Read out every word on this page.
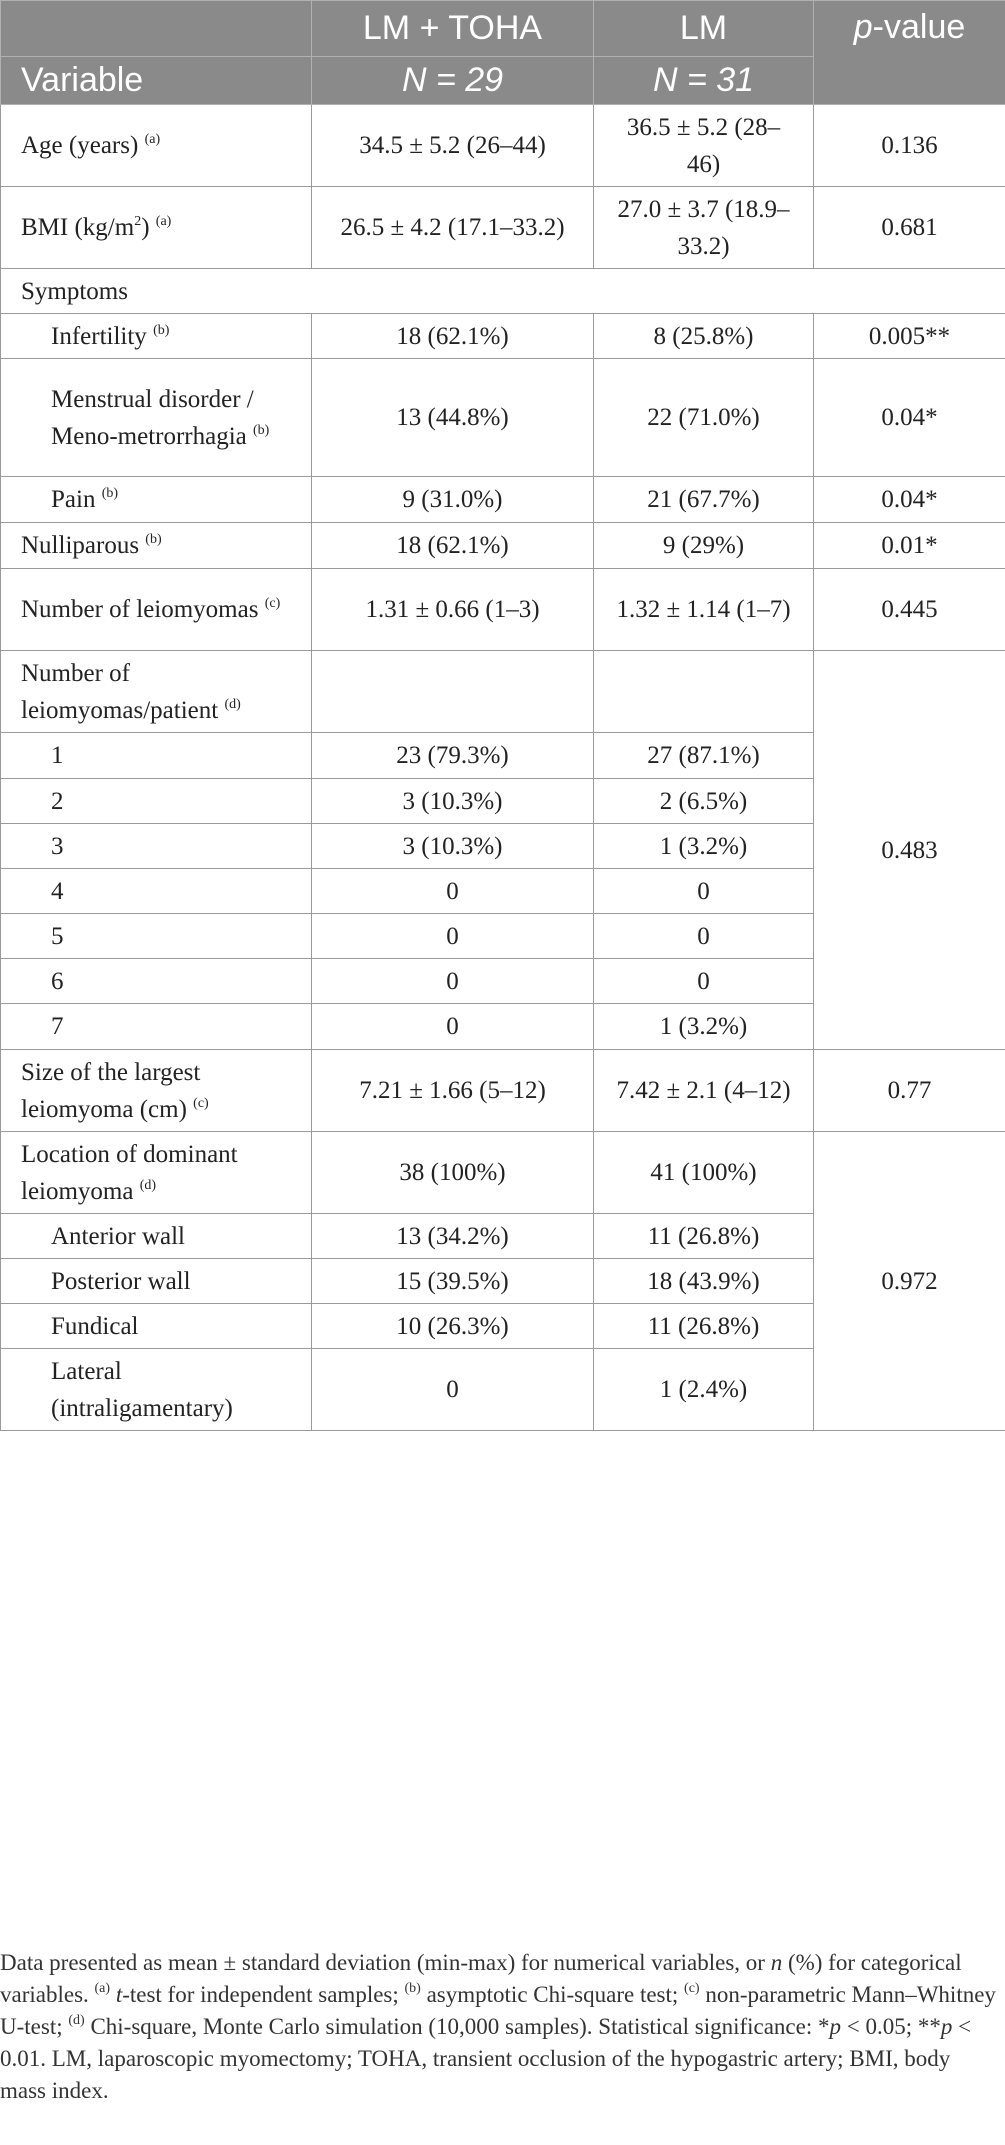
	LM + TOHA	LM	p-value
Variable	N = 29	N = 31	
Age (years) $^{(a)}$	34.5 ± 5.2 (26–44)	36.5 ± 5.2 (28–46)	0.136
BMI $(kg/m^2)$ $^{(a)}$	26.5 ± 4.2 (17.1–33.2)	27.0 ± 3.7 (18.9–33.2)	0.681
Symptoms			
Infertility $^{(b)}$	18 (62.1%)	8 (25.8%)	0.005**
Menstrual disorder / Meno-metrorrhagia $^{(b)}$	13 (44.8%)	22 (71.0%)	0.04*
Pain $^{(b)}$	9 (31.0%)	21 (67.7%)	0.04*
Nulliparous $^{(b)}$	18 (62.1%)	9 (29%)	0.01*
Number of leiomyomas $^{(c)}$	1.31 ± 0.66 (1–3)	1.32 ± 1.14 (1–7)	0.445
Number of leiomyomas/patient $^{(d)}$			0.483
1	23 (79.3%)	27 (87.1%)	
2	3 (10.3%)	2 (6.5%)	
3	3 (10.3%)	1 (3.2%)	
4	0	0	
5	0	0	
6	0	0	
7	0	1 (3.2%)	
Size of the largest leiomyoma (cm) $^{(c)}$	7.21 ± 1.66 (5–12)	7.42 ± 2.1 (4–12)	0.77
Location of dominant leiomyoma $^{(d)}$	38 (100%)	41 (100%)	0.972
Anterior wall	13 (34.2%)	11 (26.8%)	
Posterior wall	15 (39.5%)	18 (43.9%)	
Fundical	10 (26.3%)	11 (26.8%)	
Lateral (intraligamentary)	0	1 (2.4%)	

Data presented as mean ± standard deviation (min-max) for numerical variables, or n (%) for categorical variables. $^{(a)}$ t-test for independent samples; $^{(b)}$ asymptotic Chi-square test; $^{(c)}$ non-parametric Mann–Whitney U-test; $^{(d)}$ Chi-square, Monte Carlo simulation (10,000 samples). Statistical significance: *p < 0.05; **p < 0.01. LM, laparoscopic myomectomy; TOHA, transient occlusion of the hypogastric artery; BMI, body mass index.
